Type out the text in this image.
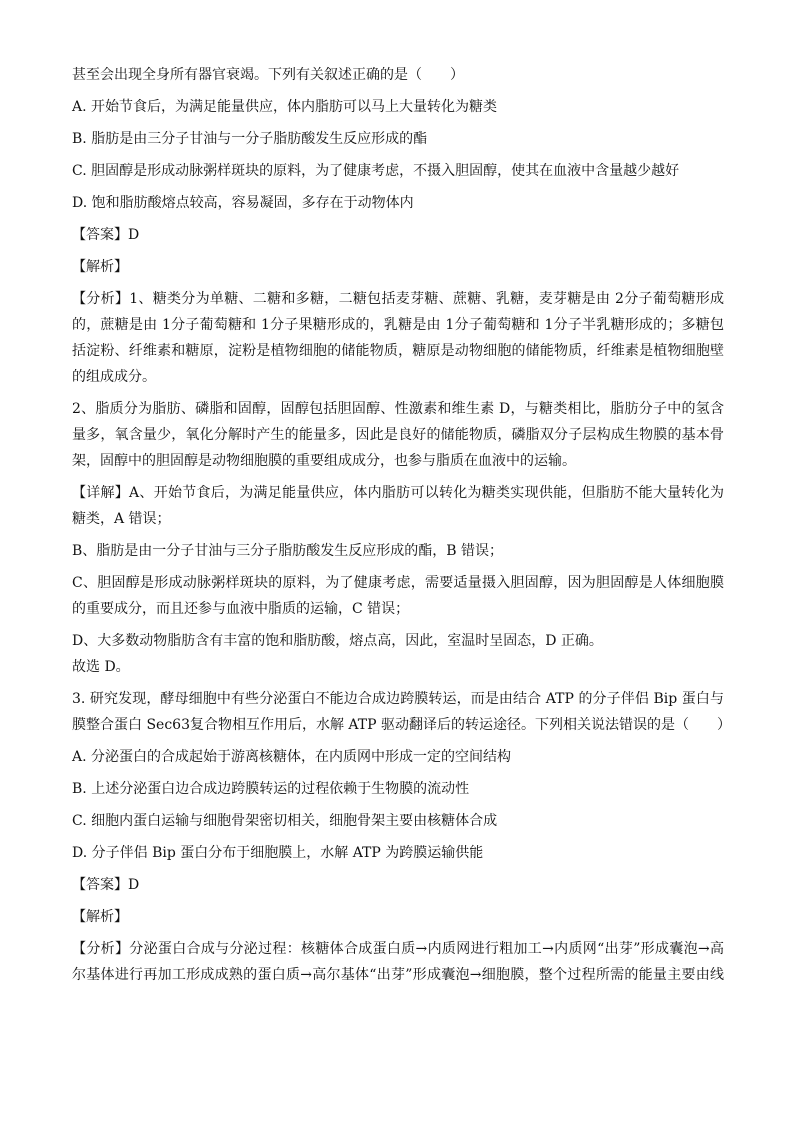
甚至会出现全身所有器官衰竭。下列有关叙述正确的是（　　）

A. 开始节食后，为满足能量供应，体内脂肪可以马上大量转化为糖类

B. 脂肪是由三分子甘油与一分子脂肪酸发生反应形成的酯

C. 胆固醇是形成动脉粥样斑块的原料，为了健康考虑，不摄入胆固醇，使其在血液中含量越少越好

D. 饱和脂肪酸熔点较高，容易凝固，多存在于动物体内

【答案】D

【解析】

【分析】1、糖类分为单糖、二糖和多糖，二糖包括麦芽糖、蔗糖、乳糖，麦芽糖是由 2分子葡萄糖形成

的，蔗糖是由 1分子葡萄糖和 1分子果糖形成的，乳糖是由 1分子葡萄糖和 1分子半乳糖形成的；多糖包

括淀粉、纤维素和糖原，淀粉是植物细胞的储能物质，糖原是动物细胞的储能物质，纤维素是植物细胞壁

的组成成分。

2、脂质分为脂肪、磷脂和固醇，固醇包括胆固醇、性激素和维生素 D，与糖类相比，脂肪分子中的氢含

量多，氧含量少，氧化分解时产生的能量多，因此是良好的储能物质，磷脂双分子层构成生物膜的基本骨

架，固醇中的胆固醇是动物细胞膜的重要组成成分，也参与脂质在血液中的运输。

【详解】A、开始节食后，为满足能量供应，体内脂肪可以转化为糖类实现供能，但脂肪不能大量转化为

糖类，A 错误；

B、脂肪是由一分子甘油与三分子脂肪酸发生反应形成的酯，B 错误；

C、胆固醇是形成动脉粥样斑块的原料，为了健康考虑，需要适量摄入胆固醇，因为胆固醇是人体细胞膜

的重要成分，而且还参与血液中脂质的运输，C 错误；

D、大多数动物脂肪含有丰富的饱和脂肪酸，熔点高，因此，室温时呈固态，D 正确。

故选 D。

3. 研究发现，酵母细胞中有些分泌蛋白不能边合成边跨膜转运，而是由结合 ATP 的分子伴侣 Bip 蛋白与

膜整合蛋白 Sec63复合物相互作用后，水解 ATP 驱动翻译后的转运途径。下列相关说法错误的是（　　）

A. 分泌蛋白的合成起始于游离核糖体，在内质网中形成一定的空间结构

B. 上述分泌蛋白边合成边跨膜转运的过程依赖于生物膜的流动性

C. 细胞内蛋白运输与细胞骨架密切相关，细胞骨架主要由核糖体合成

D. 分子伴侣 Bip 蛋白分布于细胞膜上，水解 ATP 为跨膜运输供能

【答案】D

【解析】

【分析】分泌蛋白合成与分泌过程：核糖体合成蛋白质→内质网进行粗加工→内质网“出芽”形成囊泡→高

尔基体进行再加工形成成熟的蛋白质→高尔基体“出芽”形成囊泡→细胞膜，整个过程所需的能量主要由线
